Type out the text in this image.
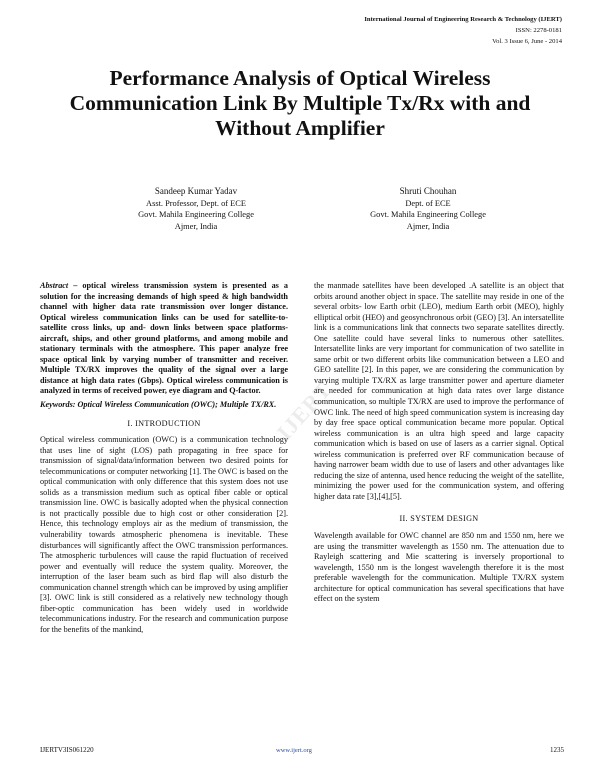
International Journal of Engineering Research & Technology (IJERT)
ISSN: 2278-0181
Vol. 3 Issue 6, June - 2014
Performance Analysis of Optical Wireless Communication Link By Multiple Tx/Rx with and Without Amplifier
Sandeep Kumar Yadav
Asst. Professor, Dept. of ECE
Govt. Mahila Engineering College
Ajmer, India
Shruti Chouhan
Dept. of ECE
Govt. Mahila Engineering College
Ajmer, India
IJERT

Abstract – optical wireless transmission system is presented as a solution for the increasing demands of high speed & high bandwidth channel with higher data rate transmission over longer distance. Optical wireless communication links can be used for satellite-to-satellite cross links, up and- down links between space platforms- aircraft, ships, and other ground platforms, and among mobile and stationary terminals with the atmosphere. This paper analyze free space optical link by varying number of transmitter and receiver. Multiple TX/RX improves the quality of the signal over a large distance at high data rates (Gbps). Optical wireless communication is analyzed in terms of received power, eye diagram and Q-factor.

Keywords: Optical Wireless Communication (OWC); Multiple TX/RX.

I. INTRODUCTION

Optical wireless communication (OWC) is a communication technology that uses line of sight (LOS) path propagating in free space for transmission of signal/data/information between two desired points for telecommunications or computer networking [1]. The OWC is based on the optical communication with only difference that this system does not use solids as a transmission medium such as optical fiber cable or optical transmission line. OWC is basically adopted when the physical connection is not practically possible due to high cost or other consideration [2]. Hence, this technology employs air as the medium of transmission, the vulnerability towards atmospheric phenomena is inevitable. These disturbances will significantly affect the OWC transmission performances. The atmospheric turbulences will cause the rapid fluctuation of received power and eventually will reduce the system quality. Moreover, the interruption of the laser beam such as bird flap will also disturb the communication channel strength which can be improved by using amplifier [3]. OWC link is still considered as a relatively new technology though fiber-optic communication has been widely used in worldwide telecommunications industry. For the research and communication purpose for the benefits of the mankind,

the manmade satellites have been developed .A satellite is an object that orbits around another object in space. The satellite may reside in one of the several orbits- low Earth orbit (LEO), medium Earth orbit (MEO), highly elliptical orbit (HEO) and geosynchronous orbit (GEO) [3]. An intersatellite link is a communications link that connects two separate satellites directly. One satellite could have several links to numerous other satellites. Intersatellite links are very important for communication of two satellite in same orbit or two different orbits like communication between a LEO and GEO satellite [2]. In this paper, we are considering the communication by varying multiple TX/RX as large transmitter power and aperture diameter are needed for communication at high data rates over large distance communication, so multiple TX/RX are used to improve the performance of OWC link. The need of high speed communication system is increasing day by day free space optical communication became more popular. Optical wireless communication is an ultra high speed and large capacity communication which is based on use of lasers as a carrier signal. Optical wireless communication is preferred over RF communication because of having narrower beam width due to use of lasers and other advantages like reducing the size of antenna, used hence reducing the weight of the satellite, minimizing the power used for the communication system, and offering higher data rate [3],[4],[5].

II. SYSTEM DESIGN

Wavelength available for OWC channel are 850 nm and 1550 nm, here we are using the transmitter wavelength as 1550 nm. The attenuation due to Rayleigh scattering and Mie scattering is inversely proportional to wavelength, 1550 nm is the longest wavelength therefore it is the most preferable wavelength for the communication. Multiple TX/RX system architecture for optical communication has several specifications that have effect on the system

IJERTV3IS061220	www.ijert.org	1235
